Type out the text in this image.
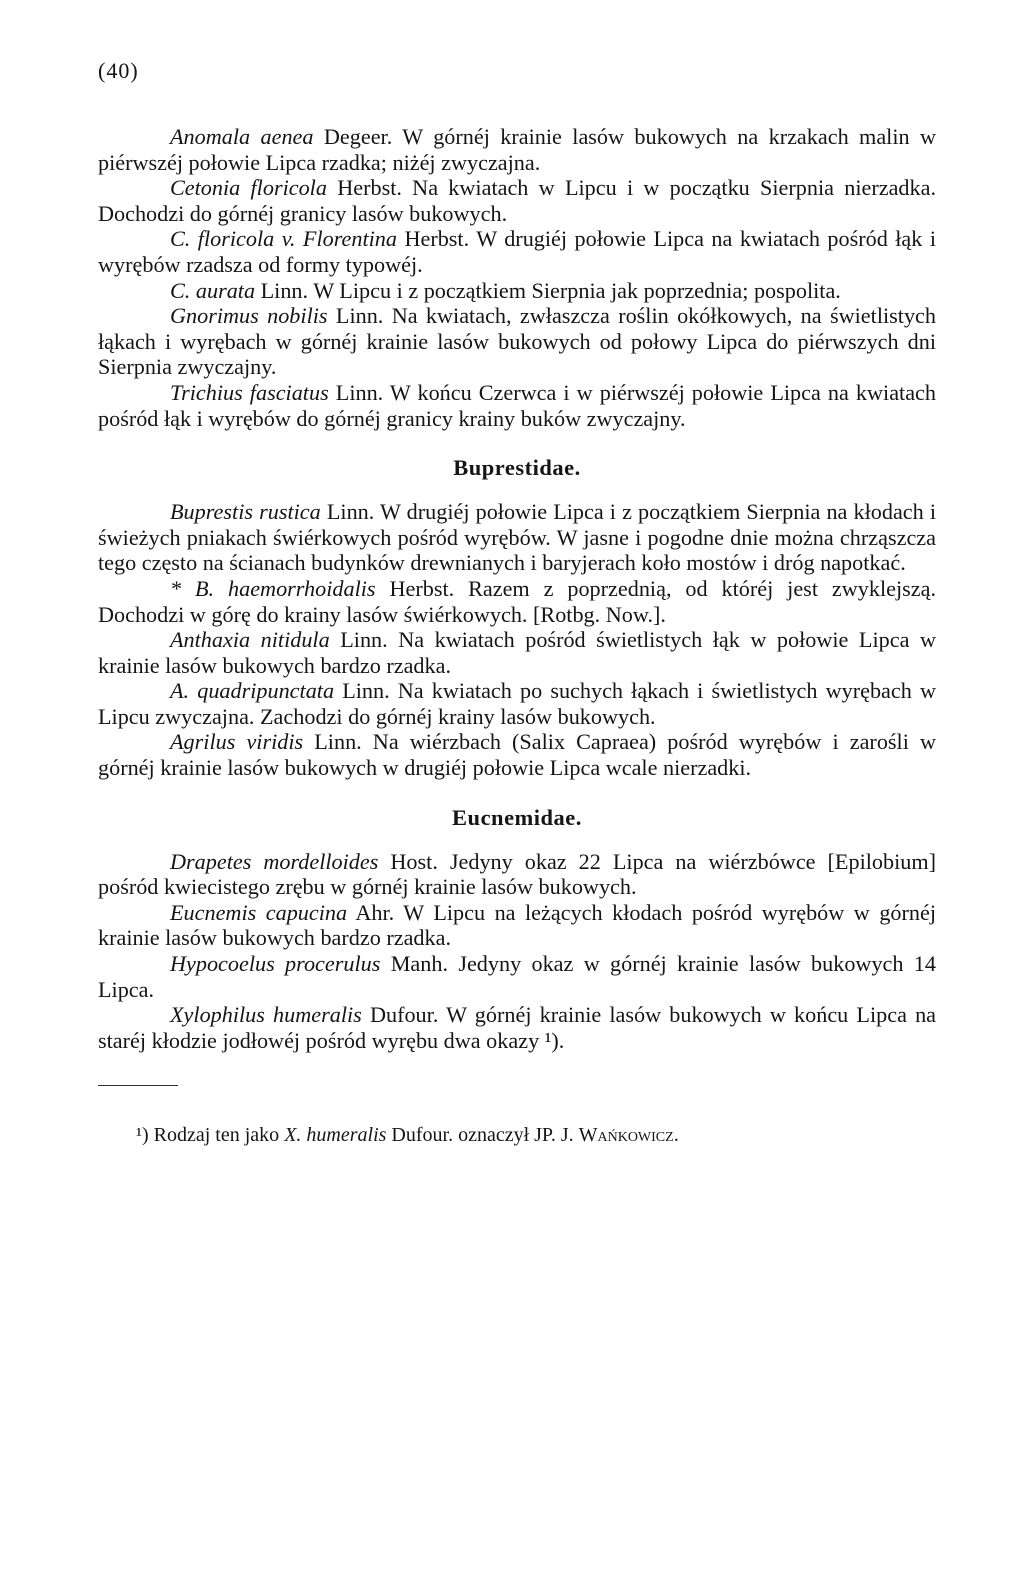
(40)

Anomala aenea Degeer. W górnéj krainie lasów bukowych na krzakach malin w piérwszéj połowie Lipca rzadka; niżéj zwyczajna.

Cetonia floricola Herbst. Na kwiatach w Lipcu i w początku Sierpnia nierzadka. Dochodzi do górnéj granicy lasów bukowych.

C. floricola v. Florentina Herbst. W drugiéj połowie Lipca na kwiatach pośród łąk i wyrębów rzadsza od formy typowéj.

C. aurata Linn. W Lipcu i z początkiem Sierpnia jak poprzednia; pospolita.

Gnorimus nobilis Linn. Na kwiatach, zwłaszcza roślin okółkowych, na świetlistych łąkach i wyrębach w górnéj krainie lasów bukowych od połowy Lipca do piérwszych dni Sierpnia zwyczajny.

Trichius fasciatus Linn. W końcu Czerwca i w piérwszéj połowie Lipca na kwiatach pośród łąk i wyrębów do górnéj granicy krainy buków zwyczajny.

Buprestidae.

Buprestis rustica Linn. W drugiéj połowie Lipca i z początkiem Sierpnia na kłodach i świeżych pniakach świérkowych pośród wyrębów. W jasne i pogodne dnie można chrząszcza tego często na ścianach budynków drewnianych i baryjerach koło mostów i dróg napotkać.

* B. haemorrhoidalis Herbst. Razem z poprzednią, od któréj jest zwyklejszą. Dochodzi w górę do krainy lasów świérkowych. [Rotbg. Now.].

Anthaxia nitidula Linn. Na kwiatach pośród świetlistych łąk w połowie Lipca w krainie lasów bukowych bardzo rzadka.

A. quadripunctata Linn. Na kwiatach po suchych łąkach i świetlistych wyrębach w Lipcu zwyczajna. Zachodzi do górnéj krainy lasów bukowych.

Agrilus viridis Linn. Na wiérzbach (Salix Capraea) pośród wyrębów i zarośli w górnéj krainie lasów bukowych w drugiéj połowie Lipca wcale nierzadki.

Eucnemidae.

Drapetes mordelloides Host. Jedyny okaz 22 Lipca na wiérzbówce [Epilobium] pośród kwiecistego zrębu w górnéj krainie lasów bukowych.

Eucnemis capucina Ahr. W Lipcu na leżących kłodach pośród wyrębów w górnéj krainie lasów bukowych bardzo rzadka.

Hypocoelus procerulus Manh. Jedyny okaz w górnéj krainie lasów bukowych 14 Lipca.

Xylophilus humeralis Dufour. W górnéj krainie lasów bukowych w końcu Lipca na staréj kłodzie jodłowéj pośród wyrębu dwa okazy ¹).

¹) Rodzaj ten jako X. humeralis Dufour. oznaczył JP. J. Wańkowicz.
